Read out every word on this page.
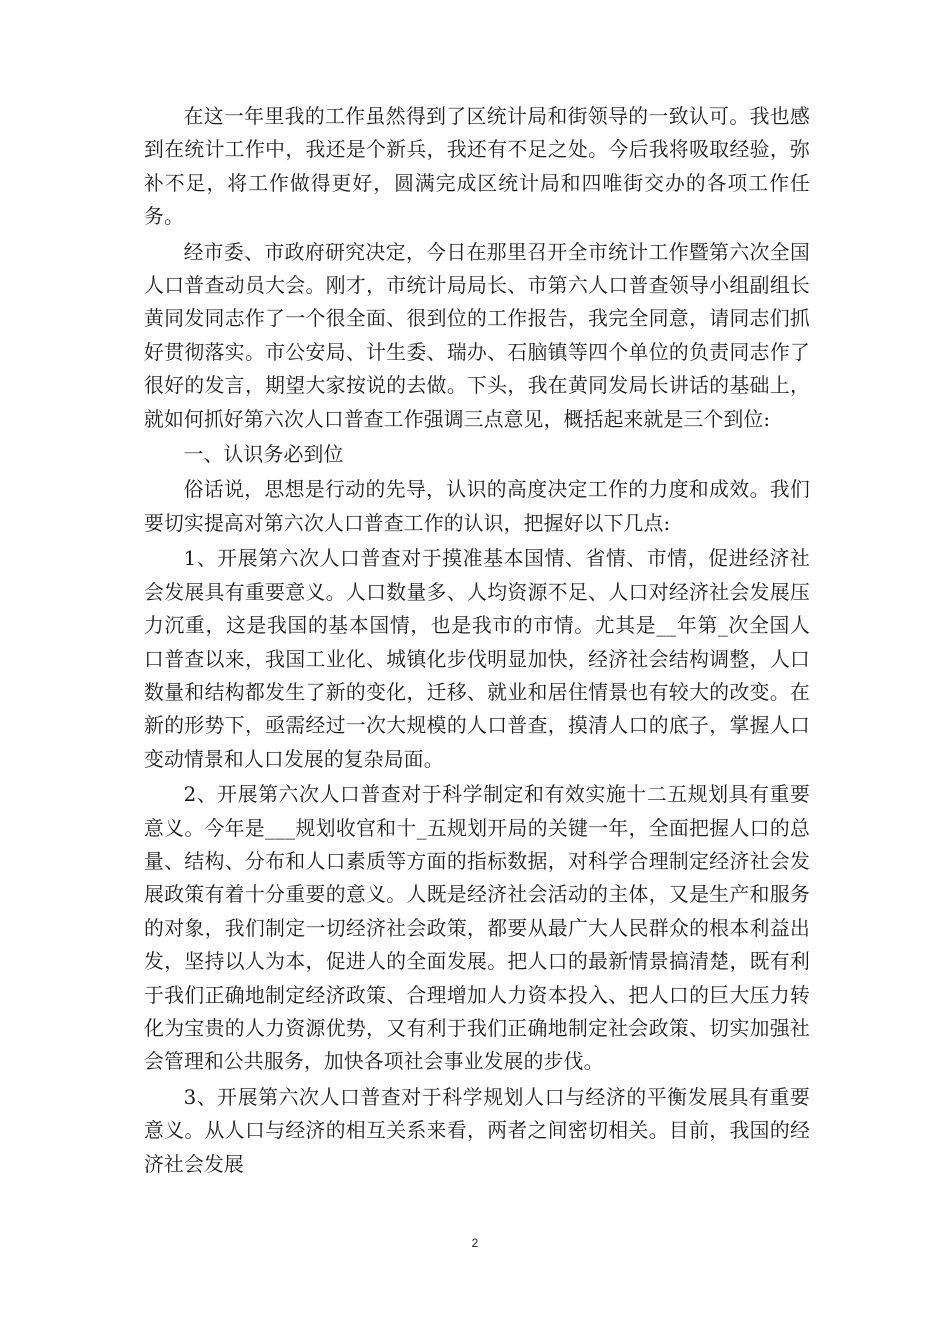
在这一年里我的工作虽然得到了区统计局和街领导的一致认可。我也感到在统计工作中，我还是个新兵，我还有不足之处。今后我将吸取经验，弥补不足，将工作做得更好，圆满完成区统计局和四唯街交办的各项工作任务。

经市委、市政府研究决定，今日在那里召开全市统计工作暨第六次全国人口普查动员大会。刚才，市统计局局长、市第六人口普查领导小组副组长黄同发同志作了一个很全面、很到位的工作报告，我完全同意，请同志们抓好贯彻落实。市公安局、计生委、瑞办、石脑镇等四个单位的负责同志作了很好的发言，期望大家按说的去做。下头，我在黄同发局长讲话的基础上，就如何抓好第六次人口普查工作强调三点意见，概括起来就是三个到位:

一、认识务必到位

俗话说，思想是行动的先导，认识的高度决定工作的力度和成效。我们要切实提高对第六次人口普查工作的认识，把握好以下几点:

1、开展第六次人口普查对于摸准基本国情、省情、市情，促进经济社会发展具有重要意义。人口数量多、人均资源不足、人口对经济社会发展压力沉重，这是我国的基本国情，也是我市的市情。尤其是__年第_次全国人口普查以来，我国工业化、城镇化步伐明显加快，经济社会结构调整，人口数量和结构都发生了新的变化，迁移、就业和居住情景也有较大的改变。在新的形势下，亟需经过一次大规模的人口普查，摸清人口的底子，掌握人口变动情景和人口发展的复杂局面。

2、开展第六次人口普查对于科学制定和有效实施十二五规划具有重要意义。今年是___规划收官和十_五规划开局的关键一年，全面把握人口的总量、结构、分布和人口素质等方面的指标数据，对科学合理制定经济社会发展政策有着十分重要的意义。人既是经济社会活动的主体，又是生产和服务的对象，我们制定一切经济社会政策，都要从最广大人民群众的根本利益出发，坚持以人为本，促进人的全面发展。把人口的最新情景搞清楚，既有利于我们正确地制定经济政策、合理增加人力资本投入、把人口的巨大压力转化为宝贵的人力资源优势，又有利于我们正确地制定社会政策、切实加强社会管理和公共服务，加快各项社会事业发展的步伐。

3、开展第六次人口普查对于科学规划人口与经济的平衡发展具有重要意义。从人口与经济的相互关系来看，两者之间密切相关。目前，我国的经济社会发展

2
